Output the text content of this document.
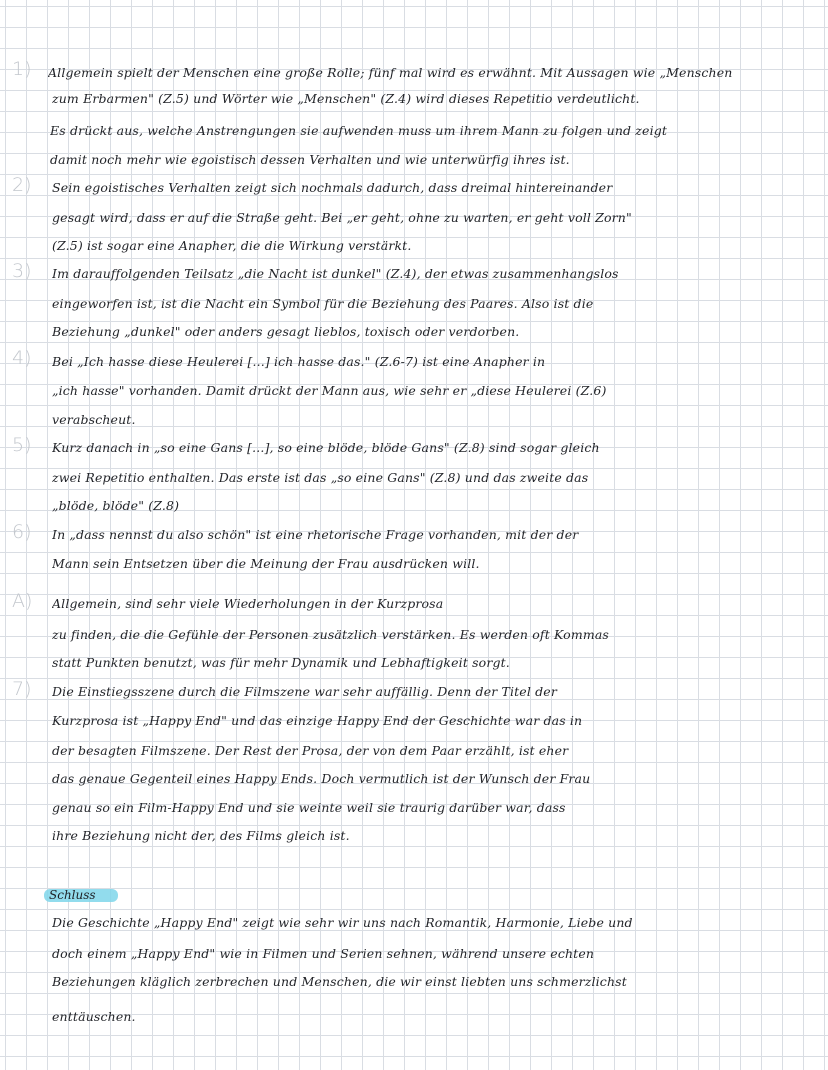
1) Allgemein spielt der Menschen eine große Rolle; fünf mal wird es erwähnt. Mit Aussagen wie „Menschen
zum Erbarmen" (Z.5) und Wörter wie „Menschen" (Z.4) wird dieses Repetitio verdeutlicht.
Es drückt aus, welche Anstrengungen sie aufwenden muss um ihrem Mann zu folgen und zeigt
damit noch mehr wie egoistisch dessen Verhalten und wie unterwürfig ihres ist.
2) Sein egoistisches Verhalten zeigt sich nochmals dadurch, dass dreimal hintereinander
gesagt wird, dass er auf die Straße geht. Bei „er geht, ohne zu warten, er geht voll Zorn"
(Z.5) ist sogar eine Anapher, die die Wirkung verstärkt.
3) Im darauffolgenden Teilsatz „die Nacht ist dunkel" (Z.4), der etwas zusammenhangslos
eingeworfen ist, ist die Nacht ein Symbol für die Beziehung des Paares. Also ist die
Beziehung „dunkel" oder anders gesagt lieblos, toxisch oder verdorben.
4) Bei „Ich hasse diese Heulerei [...] ich hasse das." (Z.6-7) ist eine Anapher in
„ich hasse" vorhanden. Damit drückt der Mann aus, wie sehr er „diese Heulerei (Z.6)
verabscheut.
5) Kurz danach in „so eine Gans [...], so eine blöde, blöde Gans" (Z.8) sind sogar gleich
zwei Repetitio enthalten. Das erste ist das „so eine Gans" (Z.8) und das zweite das
„blöde, blöde" (Z.8)
6) In „dass nennst du also schön" ist eine rhetorische Frage vorhanden, mit der der
Mann sein Entsetzen über die Meinung der Frau ausdrücken will.
A) Allgemein, sind sehr viele Wiederholungen in der Kurzprosa
zu finden, die die Gefühle der Personen zusätzlich verstärken. Es werden oft Kommas
statt Punkten benutzt, was für mehr Dynamik und Lebhaftigkeit sorgt.
7) Die Einstiegsszene durch die Filmszene war sehr auffällig. Denn der Titel der
Kurzprosa ist „Happy End" und das einzige Happy End der Geschichte war das in
der besagten Filmszene. Der Rest der Prosa, der von dem Paar erzählt, ist eher
das genaue Gegenteil eines Happy Ends. Doch vermutlich ist der Wunsch der Frau
genau so ein Film-Happy End und sie weinte weil sie traurig darüber war, dass
ihre Beziehung nicht der, des Films gleich ist.
Schluss
Die Geschichte „Happy End" zeigt wie sehr wir uns nach Romantik, Harmonie, Liebe und
doch einem „Happy End" wie in Filmen und Serien sehnen, während unsere echten
Beziehungen kläglich zerbrechen und Menschen, die wir einst liebten uns schmerzlichst
enttäuschen.
